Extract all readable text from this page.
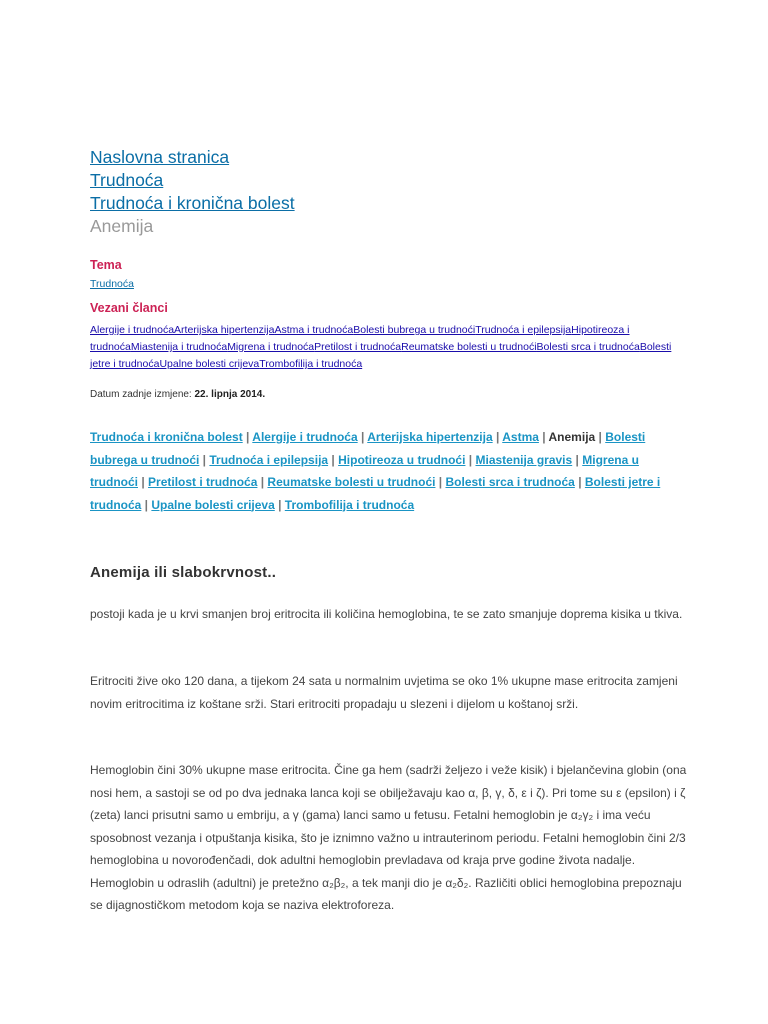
Naslovna stranica
Trudnoća
Trudnoća i kronična bolest
Anemija
Tema
Trudnoća
Vezani članci
Alergije i trudnoćaArterijska hipertenzijaAstma i trudnoćaBolesti bubrega u trudnoćiTrudnoća i epilepsijaHipotireoza i trudnoćaMiastenija i trudnoćaMigrena i trudnoćaPretilost i trudnoćaReumatske bolesti u trudnoćiBolesti srca i trudnoćaBolesti jetre i trudnoćaUpalne bolesti crijevaTrombofilija i trudnoća
Datum zadnje izmjene: 22. lipnja 2014.
Trudnoća i kronična bolest | Alergije i trudnoća | Arterijska hipertenzija | Astma | Anemija | Bolesti bubrega u trudnoći | Trudnoća i epilepsija | Hipotireoza u trudnoći | Miastenija gravis | Migrena u trudnoći | Pretilost i trudnoća | Reumatske bolesti u trudnoći | Bolesti srca i trudnoća | Bolesti jetre i trudnoća | Upalne bolesti crijeva | Trombofilija i trudnoća
Anemija ili slabokrvnost..

postoji kada je u krvi smanjen broj eritrocita ili količina hemoglobina, te se zato smanjuje doprema kisika u tkiva.

Eritrociti žive oko 120 dana, a tijekom 24 sata u normalnim uvjetima se oko 1% ukupne mase eritrocita zamjeni novim eritrocitima iz koštane srži. Stari eritrociti propadaju u slezeni i dijelom u koštanoj srži.

Hemoglobin čini 30% ukupne mase eritrocita. Čine ga hem (sadrži željezo i veže kisik) i bjelančevina globin (ona nosi hem, a sastoji se od po dva jednaka lanca koji se obilježavaju kao α, β, γ, δ, ε i ζ). Pri tome su ε (epsilon) i ζ (zeta) lanci prisutni samo u embriju, a γ (gama) lanci samo u fetusu. Fetalni hemoglobin je α₂γ₂ i ima veću sposobnost vezanja i otpuštanja kisika, što je iznimno važno u intrauterinom periodu. Fetalni hemoglobin čini 2/3 hemoglobina u novorođenčadi, dok adultni hemoglobin prevladava od kraja prve godine života nadalje. Hemoglobin u odraslih (adultni) je pretežno α₂β₂, a tek manji dio je α₂δ₂. Različiti oblici hemoglobina prepoznaju se dijagnostičkom metodom koja se naziva elektroforeza.
